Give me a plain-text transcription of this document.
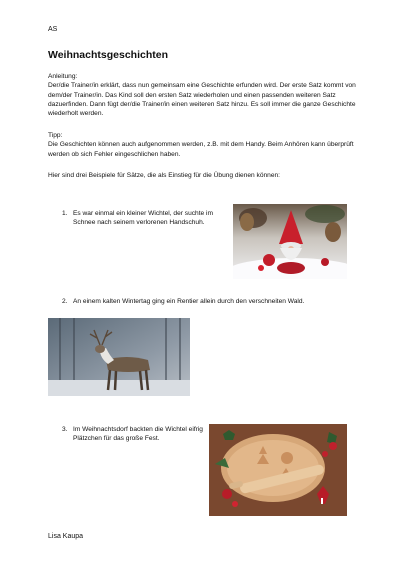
AS
Weihnachtsgeschichten
Anleitung:
Der/die Trainer/in erklärt, dass nun gemeinsam eine Geschichte erfunden wird. Der erste Satz kommt von dem/der Trainer/in. Das Kind soll den ersten Satz wiederholen und einen passenden weiteren Satz dazuerfinden. Dann fügt der/die Trainer/in einen weiteren Satz hinzu. Es soll immer die ganze Geschichte wiederholt werden.
Tipp:
Die Geschichten können auch aufgenommen werden, z.B. mit dem Handy. Beim Anhören kann überprüft werden ob sich Fehler eingeschlichen haben.
Hier sind drei Beispiele für Sätze, die als Einstieg für die Übung dienen können:
1. Es war einmal ein kleiner Wichtel, der suchte im Schnee nach seinem verlorenen Handschuh.
2. An einem kalten Wintertag ging ein Rentier allein durch den verschneiten Wald.
3. Im Weihnachtsdorf backten die Wichtel eifrig Plätzchen für das große Fest.
Lisa Kaupa
